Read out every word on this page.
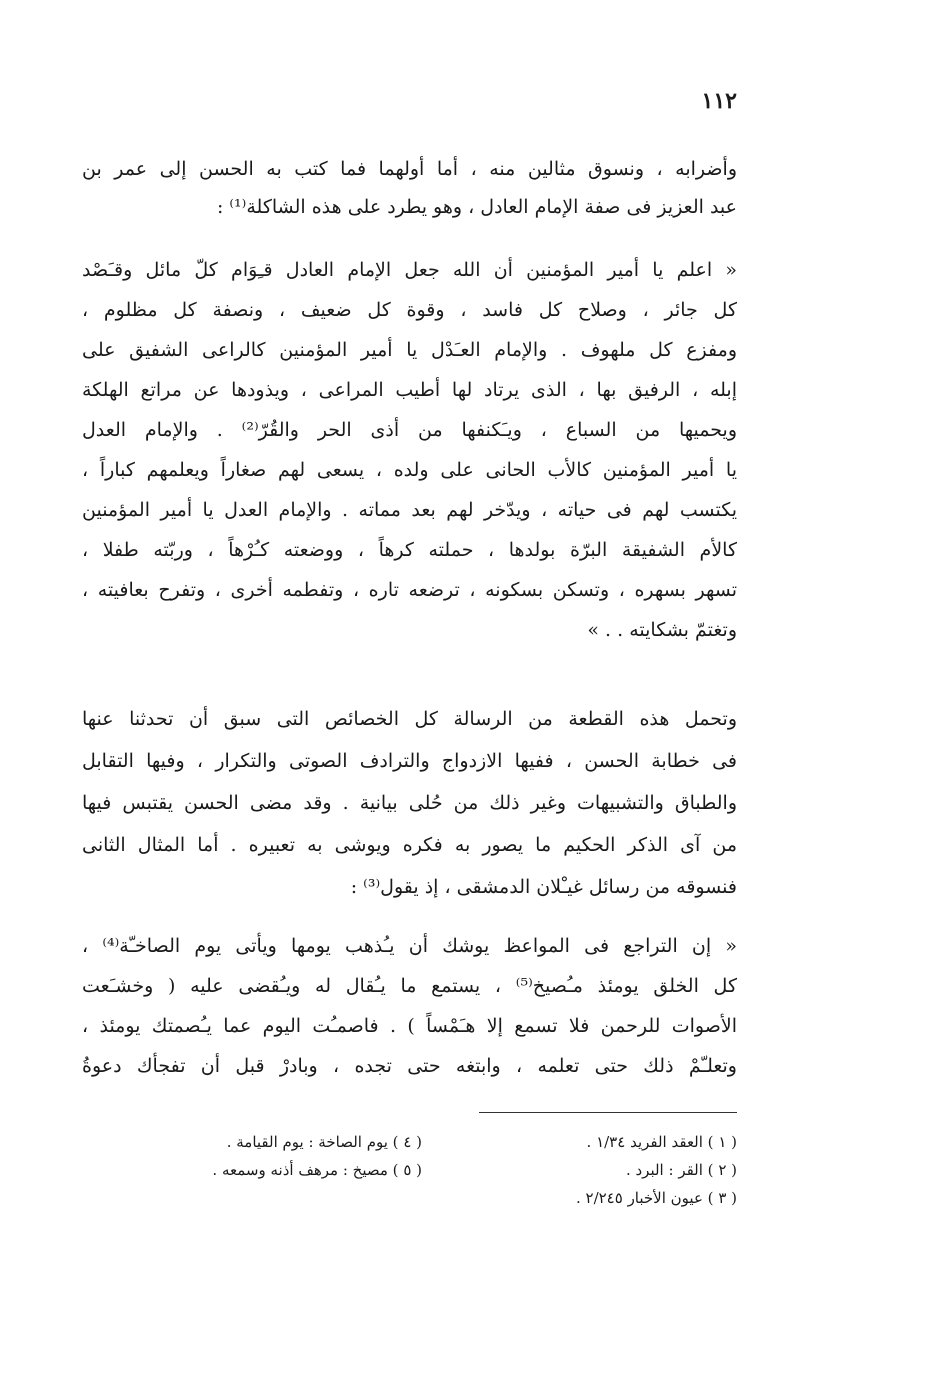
١١٢
وأضرابه ، ونسوق مثالين منه ، أما أولهما فما كتب به الحسن إلى عمر بن
عبد العزيز فى صفة الإمام العادل ، وهو يطرد على هذه الشاكلة⁽¹⁾ :
« اعلم يا أمير المؤمنين أن الله جعل الإمام العادل قـِوَام كلّ مائل وقـَصْد
كل جائر ، وصلاح كل فاسد ، وقوة كل ضعيف ، ونصفة كل مظلوم ،
ومفزع كل ملهوف . والإمام العـَدْل يا أمير المؤمنين كالراعى الشفيق على
إبله ، الرفيق بها ، الذى يرتاد لها أطيب المراعى ، ويذودها عن مراتع الهلكة
ويحميها من السباع ، ويـَكنفها من أذى الحر والقُرّ⁽²⁾ . والإمام العدل
يا أمير المؤمنين كالأب الحانى على ولده ، يسعى لهم صغاراً ويعلمهم كباراً ،
يكتسب لهم فى حياته ، ويدّخر لهم بعد مماته . والإمام العدل يا أمير المؤمنين
كالأم الشفيقة البرّة بولدها ، حملته كرهاً ، ووضعته كـُرْهاً ، وربّته طفلا ،
تسهر بسهره ، وتسكن بسكونه ، ترضعه تاره ، وتفطمه أخرى ، وتفرح بعافيته ،
وتغتمّ بشكايته . . »
وتحمل هذه القطعة من الرسالة كل الخصائص التى سبق أن تحدثنا عنها
فى خطابة الحسن ، ففيها الازدواج والترادف الصوتى والتكرار ، وفيها التقابل
والطباق والتشبيهات وغير ذلك من حُلى بيانية . وقد مضى الحسن يقتبس فيها
من آى الذكر الحكيم ما يصور به فكره ويوشى به تعبيره . أما المثال الثانى
فنسوقه من رسائل غيـْلان الدمشقى ، إذ يقول⁽³⁾ :
« إن التراجع فى المواعظ يوشك أن يـُذهب يومها ويأتى يوم الصاخـّة⁽⁴⁾ ،
كل الخلق يومئذ مـُصيخ⁽⁵⁾ ، يستمع ما يـُقال له ويـُقضى عليه ( وخشـَعت
الأصوات للرحمن فلا تسمع إلا هـَمْساً ) . فاصمـُت اليوم عما يـُصمتك يومئذ ،
وتعلـّمْ ذلك حتى تعلمه ، وابتغه حتى تجده ، وبادرْ قبل أن تفجأك دعوةُ
( ١ ) العقد الفريد ١/٣٤ .
( ٢ ) القر : البرد .
( ٣ ) عيون الأخبار ٢/٢٤٥ .
( ٤ ) يوم الصاخة : يوم القيامة .
( ٥ ) مصيخ : مرهف أذنه وسمعه .
